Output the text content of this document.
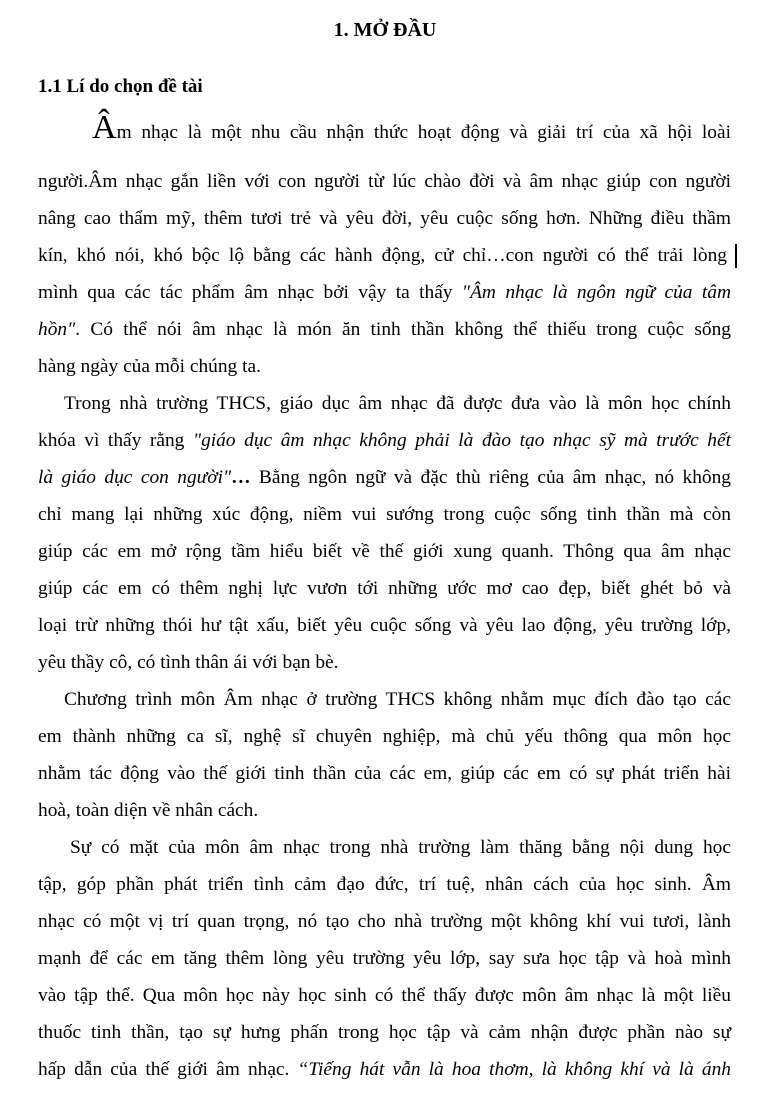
1. MỞ ĐẦU
1.1 Lí do chọn đề tài

Âm nhạc là một nhu cầu nhận thức hoạt động và giải trí của xã hội loài

người.Âm nhạc gắn liền với con người từ lúc chào đời và âm nhạc giúp con người

nâng cao thẩm mỹ, thêm tươi trẻ và yêu đời, yêu cuộc sống hơn. Những điều thầm

kín, khó nói, khó bộc lộ bằng các hành động, cử chỉ…con người có thể trải lòng

mình qua các tác phẩm âm nhạc bởi vậy ta thấy "Âm nhạc là ngôn ngữ của tâm

hồn". Có thể nói âm nhạc là món ăn tinh thần không thể thiếu trong cuộc sống

hàng ngày của mỗi chúng ta.

Trong nhà trường THCS, giáo dục âm nhạc đã được đưa vào là môn học chính

khóa vì thấy rằng "giáo dục âm nhạc không phải là đào tạo nhạc sỹ mà trước hết

là giáo dục con người"… Bằng ngôn ngữ và đặc thù riêng của âm nhạc, nó không

chỉ mang lại những xúc động, niềm vui sướng trong cuộc sống tinh thần mà còn

giúp các em mở rộng tầm hiểu biết về thế giới xung quanh. Thông qua âm nhạc

giúp các em có thêm nghị lực vươn tới những ước mơ cao đẹp, biết ghét bỏ và

loại trừ những thói hư tật xấu, biết yêu cuộc sống và yêu lao động, yêu trường lớp,

yêu thầy cô, có tình thân ái với bạn bè.

Chương trình môn Âm nhạc ở trường THCS không nhằm mục đích đào tạo các

em thành những ca sĩ, nghệ sĩ chuyên nghiệp, mà chủ yếu thông qua môn học

nhằm tác động vào thế giới tinh thần của các em, giúp các em có sự phát triển hài

hoà, toàn diện về nhân cách.

Sự có mặt của môn âm nhạc trong nhà trường làm thăng bằng nội dung học

tập, góp phần phát triển tình cảm đạo đức, trí tuệ, nhân cách của học sinh. Âm

nhạc có một vị trí quan trọng, nó tạo cho nhà trường một không khí vui tươi, lành

mạnh để các em tăng thêm lòng yêu trường yêu lớp, say sưa học tập và hoà mình

vào tập thể. Qua môn học này học sinh có thể thấy được môn âm nhạc là một liều

thuốc tinh thần, tạo sự hưng phấn trong học tập và cảm nhận được phần nào sự

hấp dẫn của thế giới âm nhạc. “Tiếng hát vẫn là hoa thơm, là không khí và là ánh
